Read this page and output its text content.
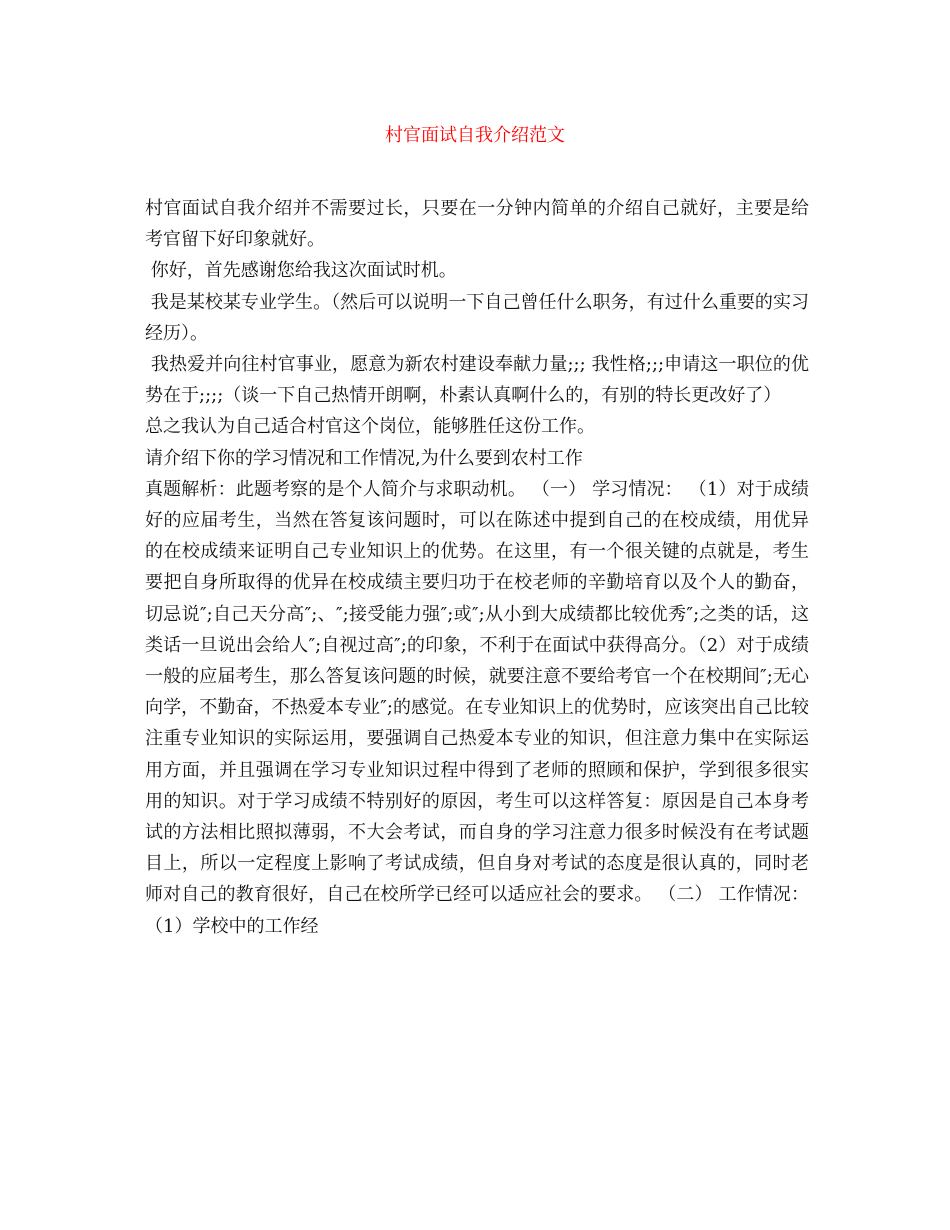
村官面试自我介绍范文

村官面试自我介绍并不需要过长，只要在一分钟内简单的介绍自己就好，主要是给考官留下好印象就好。

你好，首先感谢您给我这次面试时机。

我是某校某专业学生。（然后可以说明一下自己曾任什么职务，有过什么重要的实习经历）。

我热爱并向往村官事业，愿意为新农村建设奉献力量;;; 我性格;;;申请这一职位的优势在于;;;;（谈一下自己热情开朗啊，朴素认真啊什么的，有别的特长更改好了）

总之我认为自己适合村官这个岗位，能够胜任这份工作。

请介绍下你的学习情况和工作情况,为什么要到农村工作

真题解析：此题考察的是个人简介与求职动机。 （一） 学习情况： （1）对于成绩好的应届考生，当然在答复该问题时，可以在陈述中提到自己的在校成绩，用优异的在校成绩来证明自己专业知识上的优势。在这里，有一个很关键的点就是，考生要把自身所取得的优异在校成绩主要归功于在校老师的辛勤培育以及个人的勤奋，切忌说″;自己天分高″;、″;接受能力强″;或″;从小到大成绩都比较优秀″;之类的话，这类话一旦说出会给人″;自视过高″;的印象，不利于在面试中获得高分。（2）对于成绩一般的应届考生，那么答复该问题的时候，就要注意不要给考官一个在校期间″;无心向学，不勤奋，不热爱本专业″;的感觉。在专业知识上的优势时，应该突出自己比较注重专业知识的实际运用，要强调自己热爱本专业的知识，但注意力集中在实际运用方面，并且强调在学习专业知识过程中得到了老师的照顾和保护，学到很多很实用的知识。对于学习成绩不特别好的原因，考生可以这样答复：原因是自己本身考试的方法相比照拟薄弱，不大会考试，而自身的学习注意力很多时候没有在考试题目上，所以一定程度上影响了考试成绩，但自身对考试的态度是很认真的，同时老师对自己的教育很好，自己在校所学已经可以适应社会的要求。 （二） 工作情况： （1）学校中的工作经
